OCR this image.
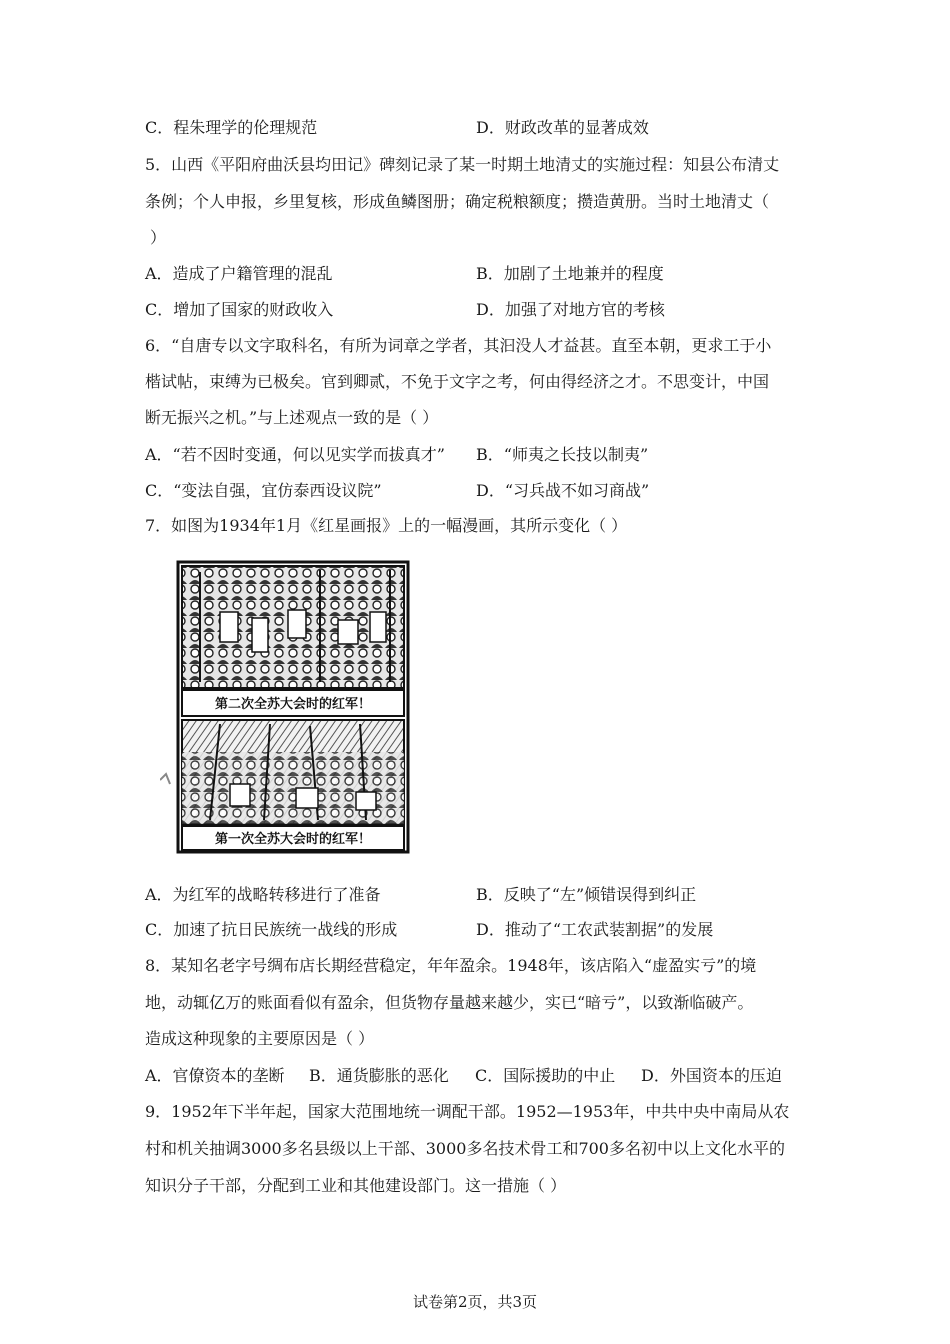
C．程朱理学的伦理规范	D．财政改革的显著成效
5．山西《平阳府曲沃县均田记》碑刻记录了某一时期土地清丈的实施过程：知县公布清丈
条例；个人申报，乡里复核，形成鱼鳞图册；确定税粮额度；攒造黄册。当时土地清丈（
）
A．造成了户籍管理的混乱	B．加剧了土地兼并的程度
C．增加了国家的财政收入	D．加强了对地方官的考核
6．“自唐专以文字取科名，有所为词章之学者，其汩没人才益甚。直至本朝，更求工于小
楷试帖，束缚为已极矣。官到卿贰，不免于文字之考，何由得经济之才。不思变计，中国
断无振兴之机。”与上述观点一致的是（ ）
A．“若不因时变通，何以见实学而拔真才” B．“师夷之长技以制夷”
C．“变法自强，宜仿泰西设议院”	D．“习兵战不如习商战”
7．如图为1934年1月《红星画报》上的一幅漫画，其所示变化（ ）
第二次全苏大会时的红军！
第一次全苏大会时的红军！
A．为红军的战略转移进行了准备	B．反映了“左”倾错误得到纠正
C．加速了抗日民族统一战线的形成	D．推动了“工农武装割据”的发展
8．某知名老字号绸布店长期经营稳定，年年盈余。1948年，该店陷入“虚盈实亏”的境
地，动辄亿万的账面看似有盈余，但货物存量越来越少，实已“暗亏”，以致渐临破产。
造成这种现象的主要原因是（ ）
A．官僚资本的垄断 B．通货膨胀的恶化 C．国际援助的中止 D．外国资本的压迫
9．1952年下半年起，国家大范围地统一调配干部。1952—1953年，中共中央中南局从农
村和机关抽调3000多名县级以上干部、3000多名技术骨工和700多名初中以上文化水平的
知识分子干部，分配到工业和其他建设部门。这一措施（ ）
试卷第2页，共3页
